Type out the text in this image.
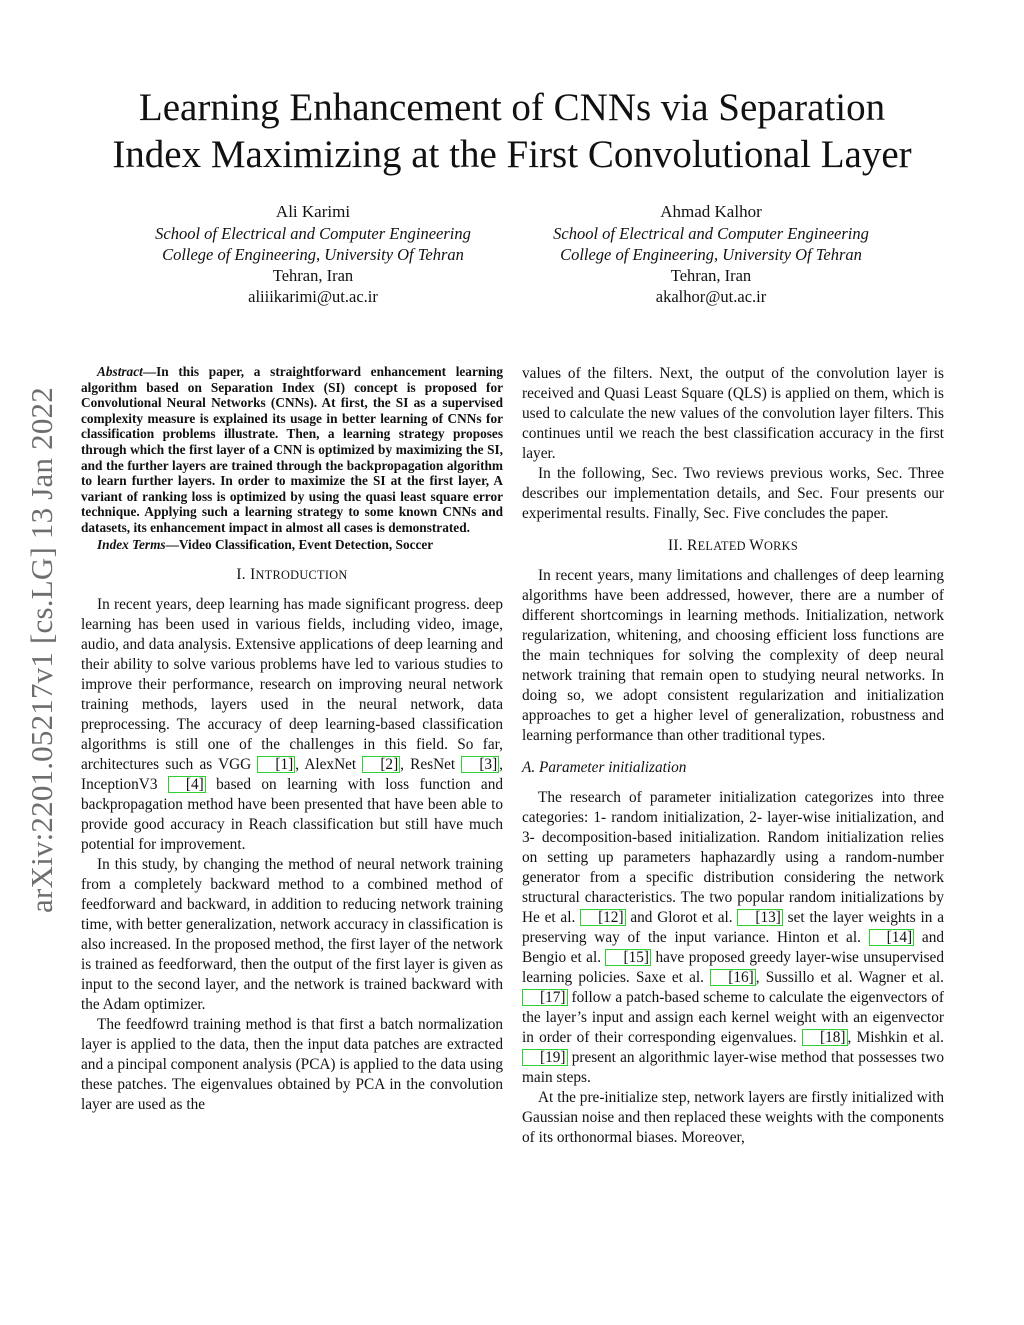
arXiv:2201.05217v1 [cs.LG] 13 Jan 2022
Learning Enhancement of CNNs via Separation
Index Maximizing at the First Convolutional Layer
Ali Karimi
School of Electrical and Computer Engineering
College of Engineering, University Of Tehran
Tehran, Iran
aliiikarimi@ut.ac.ir
Ahmad Kalhor
School of Electrical and Computer Engineering
College of Engineering, University Of Tehran
Tehran, Iran
akalhor@ut.ac.ir

Abstract—In this paper, a straightforward enhancement learning algorithm based on Separation Index (SI) concept is proposed for Convolutional Neural Networks (CNNs). At first, the SI as a supervised complexity measure is explained its usage in better learning of CNNs for classification problems illustrate. Then, a learning strategy proposes through which the first layer of a CNN is optimized by maximizing the SI, and the further layers are trained through the backpropagation algorithm to learn further layers. In order to maximize the SI at the first layer, A variant of ranking loss is optimized by using the quasi least square error technique. Applying such a learning strategy to some known CNNs and datasets, its enhancement impact in almost all cases is demonstrated.

Index Terms—Video Classification, Event Detection, Soccer

I. INTRODUCTION

In recent years, deep learning has made significant progress. deep learning has been used in various fields, including video, image, audio, and data analysis. Extensive applications of deep learning and their ability to solve various problems have led to various studies to improve their performance, research on improving neural network training methods, layers used in the neural network, data preprocessing. The accuracy of deep learning-based classification algorithms is still one of the challenges in this field. So far, architectures such as VGG [1] , AlexNet [2] , ResNet [3] , InceptionV3 [4] based on learning with loss function and backpropagation method have been presented that have been able to provide good accuracy in Reach classification but still have much potential for improvement.

In this study, by changing the method of neural network training from a completely backward method to a combined method of feedforward and backward, in addition to reducing network training time, with better generalization, network accuracy in classification is also increased. In the proposed method, the first layer of the network is trained as feedforward, then the output of the first layer is given as input to the second layer, and the network is trained backward with the Adam optimizer.

The feedfowrd training method is that first a batch normalization layer is applied to the data, then the input data patches are extracted and a pincipal component analysis (PCA) is applied to the data using these patches. The eigenvalues obtained by PCA in the convolution layer are used as the

values of the filters. Next, the output of the convolution layer is received and Quasi Least Square (QLS) is applied on them, which is used to calculate the new values of the convolution layer filters. This continues until we reach the best classification accuracy in the first layer.

In the following, Sec. Two reviews previous works, Sec. Three describes our implementation details, and Sec. Four presents our experimental results. Finally, Sec. Five concludes the paper.

II. RELATED WORKS

In recent years, many limitations and challenges of deep learning algorithms have been addressed, however, there are a number of different shortcomings in learning methods. Initialization, network regularization, whitening, and choosing efficient loss functions are the main techniques for solving the complexity of deep neural network training that remain open to studying neural networks. In doing so, we adopt consistent regularization and initialization approaches to get a higher level of generalization, robustness and learning performance than other traditional types.

A. Parameter initialization

The research of parameter initialization categorizes into three categories: 1- random initialization, 2- layer-wise initialization, and 3- decomposition-based initialization. Random initialization relies on setting up parameters haphazardly using a random-number generator from a specific distribution considering the network structural characteristics. The two popular random initializations by He et al. [12] and Glorot et al. [13] set the layer weights in a preserving way of the input variance. Hinton et al. [14] and Bengio et al. [15] have proposed greedy layer-wise unsupervised learning policies. Saxe et al. [16] , Sussillo et al. Wagner et al. [17] follow a patch-based scheme to calculate the eigenvectors of the layer’s input and assign each kernel weight with an eigenvector in order of their corresponding eigenvalues. [18] , Mishkin et al. [19] present an algorithmic layer-wise method that possesses two main steps.

At the pre-initialize step, network layers are firstly initialized with Gaussian noise and then replaced these weights with the components of its orthonormal biases. Moreover,
